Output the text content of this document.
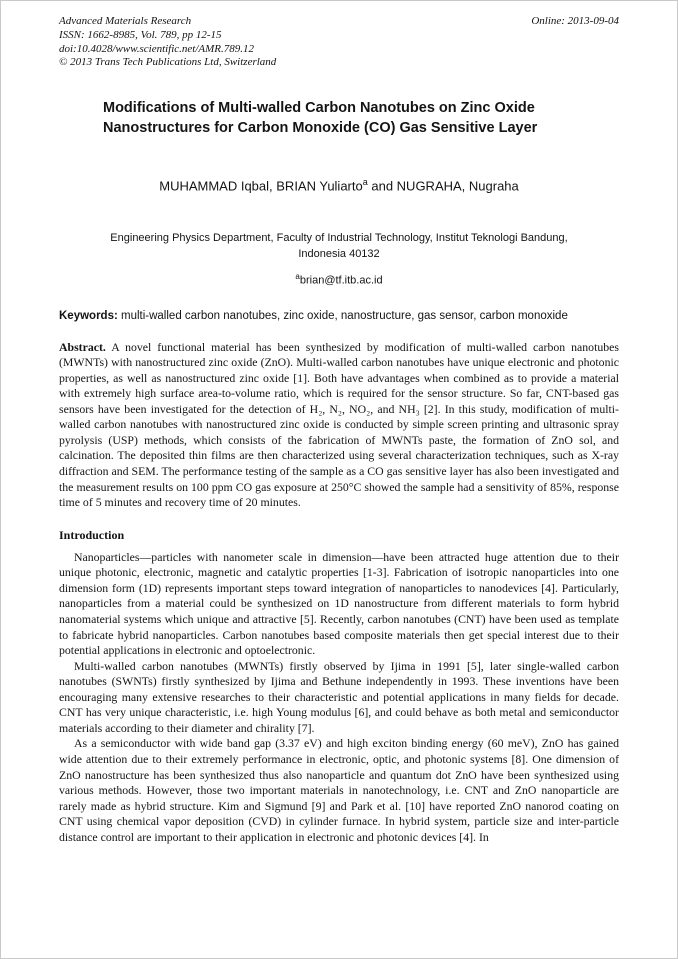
Advanced Materials Research
ISSN: 1662-8985, Vol. 789, pp 12-15
doi:10.4028/www.scientific.net/AMR.789.12
© 2013 Trans Tech Publications Ltd, Switzerland
Online: 2013-09-04
Modifications of Multi-walled Carbon Nanotubes on Zinc Oxide Nanostructures for Carbon Monoxide (CO) Gas Sensitive Layer
MUHAMMAD Iqbal, BRIAN Yuliarto$^a$ and NUGRAHA, Nugraha
Engineering Physics Department, Faculty of Industrial Technology, Institut Teknologi Bandung,
Indonesia 40132
$^a$brian@tf.itb.ac.id

Keywords: multi-walled carbon nanotubes, zinc oxide, nanostructure, gas sensor, carbon monoxide

Abstract. A novel functional material has been synthesized by modification of multi-walled carbon nanotubes (MWNTs) with nanostructured zinc oxide (ZnO). Multi-walled carbon nanotubes have unique electronic and photonic properties, as well as nanostructured zinc oxide [1]. Both have advantages when combined as to provide a material with extremely high surface area-to-volume ratio, which is required for the sensor structure. So far, CNT-based gas sensors have been investigated for the detection of H₂, N₂, NO₂, and NH₃ [2]. In this study, modification of multi-walled carbon nanotubes with nanostructured zinc oxide is conducted by simple screen printing and ultrasonic spray pyrolysis (USP) methods, which consists of the fabrication of MWNTs paste, the formation of ZnO sol, and calcination. The deposited thin films are then characterized using several characterization techniques, such as X-ray diffraction and SEM. The performance testing of the sample as a CO gas sensitive layer has also been investigated and the measurement results on 100 ppm CO gas exposure at 250°C showed the sample had a sensitivity of 85%, response time of 5 minutes and recovery time of 20 minutes.

Introduction

Nanoparticles—particles with nanometer scale in dimension—have been attracted huge attention due to their unique photonic, electronic, magnetic and catalytic properties [1-3]. Fabrication of isotropic nanoparticles into one dimension form (1D) represents important steps toward integration of nanoparticles to nanodevices [4]. Particularly, nanoparticles from a material could be synthesized on 1D nanostructure from different materials to form hybrid nanomaterial systems which unique and attractive [5]. Recently, carbon nanotubes (CNT) have been used as template to fabricate hybrid nanoparticles. Carbon nanotubes based composite materials then get special interest due to their potential applications in electronic and optoelectronic.

Multi-walled carbon nanotubes (MWNTs) firstly observed by Ijima in 1991 [5], later single-walled carbon nanotubes (SWNTs) firstly synthesized by Ijima and Bethune independently in 1993. These inventions have been encouraging many extensive researches to their characteristic and potential applications in many fields for decade. CNT has very unique characteristic, i.e. high Young modulus [6], and could behave as both metal and semiconductor materials according to their diameter and chirality [7].

As a semiconductor with wide band gap (3.37 eV) and high exciton binding energy (60 meV), ZnO has gained wide attention due to their extremely performance in electronic, optic, and photonic systems [8]. One dimension of ZnO nanostructure has been synthesized thus also nanoparticle and quantum dot ZnO have been synthesized using various methods. However, those two important materials in nanotechnology, i.e. CNT and ZnO nanoparticle are rarely made as hybrid structure. Kim and Sigmund [9] and Park et al. [10] have reported ZnO nanorod coating on CNT using chemical vapor deposition (CVD) in cylinder furnace. In hybrid system, particle size and inter-particle distance control are important to their application in electronic and photonic devices [4]. In
